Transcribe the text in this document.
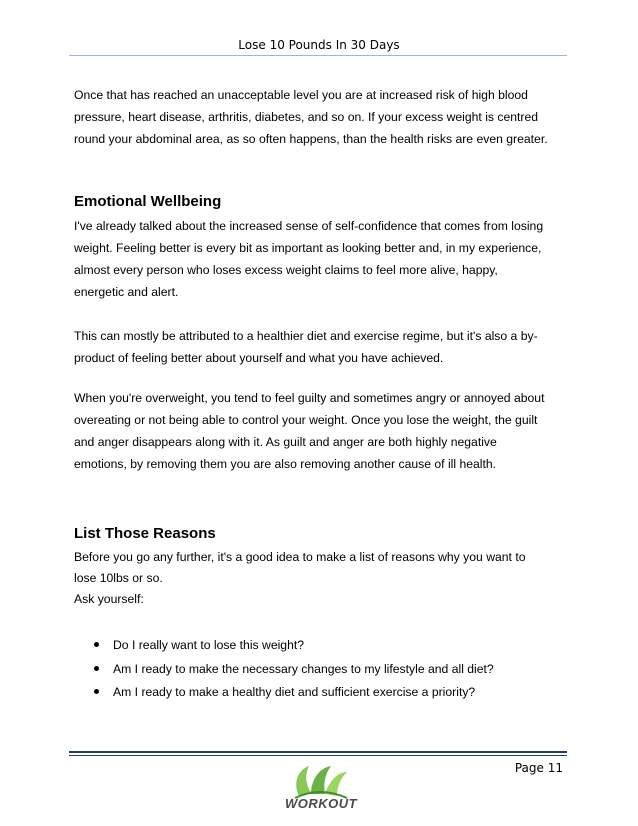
Lose 10 Pounds In 30 Days

Once that has reached an unacceptable level you are at increased risk of high blood
pressure, heart disease, arthritis, diabetes, and so on. If your excess weight is centred
round your abdominal area, as so often happens, than the health risks are even greater.

Emotional Wellbeing

I've already talked about the increased sense of self-confidence that comes from losing
weight. Feeling better is every bit as important as looking better and, in my experience,
almost every person who loses excess weight claims to feel more alive, happy,
energetic and alert.

This can mostly be attributed to a healthier diet and exercise regime, but it's also a by-
product of feeling better about yourself and what you have achieved.

When you're overweight, you tend to feel guilty and sometimes angry or annoyed about
overeating or not being able to control your weight. Once you lose the weight, the guilt
and anger disappears along with it. As guilt and anger are both highly negative
emotions, by removing them you are also removing another cause of ill health.

List Those Reasons

Before you go any further, it's a good idea to make a list of reasons why you want to
lose 10lbs or so.
Ask yourself:

Do I really want to lose this weight?
Am I ready to make the necessary changes to my lifestyle and all diet?
Am I ready to make a healthy diet and sufficient exercise a priority?
Page 11
WORKOUT
